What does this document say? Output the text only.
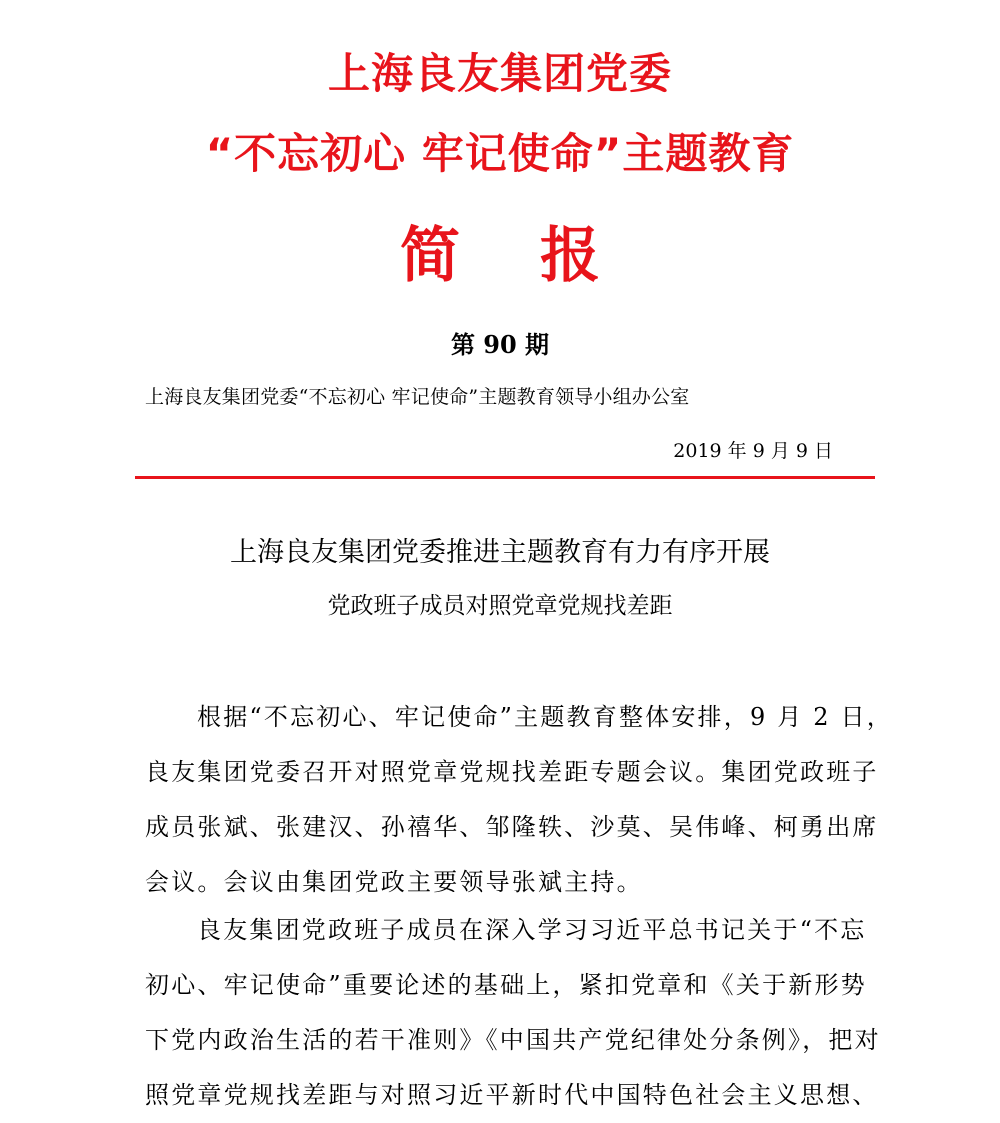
上海良友集团党委
“不忘初心 牢记使命”主题教育
简报
第 90 期
上海良友集团党委“不忘初心 牢记使命”主题教育领导小组办公室
2019 年 9 月 9 日
上海良友集团党委推进主题教育有力有序开展
党政班子成员对照党章党规找差距

根据“不忘初心、牢记使命”主题教育整体安排，9 月 2 日，
良友集团党委召开对照党章党规找差距专题会议。集团党政班子
成员张斌、张建汉、孙禧华、邹隆轶、沙莫、吴伟峰、柯勇出席
会议。会议由集团党政主要领导张斌主持。

良友集团党政班子成员在深入学习习近平总书记关于“不忘
初心、牢记使命”重要论述的基础上，紧扣党章和《关于新形势
下党内政治生活的若干准则》《中国共产党纪律处分条例》，把对
照党章党规找差距与对照习近平新时代中国特色社会主义思想、
